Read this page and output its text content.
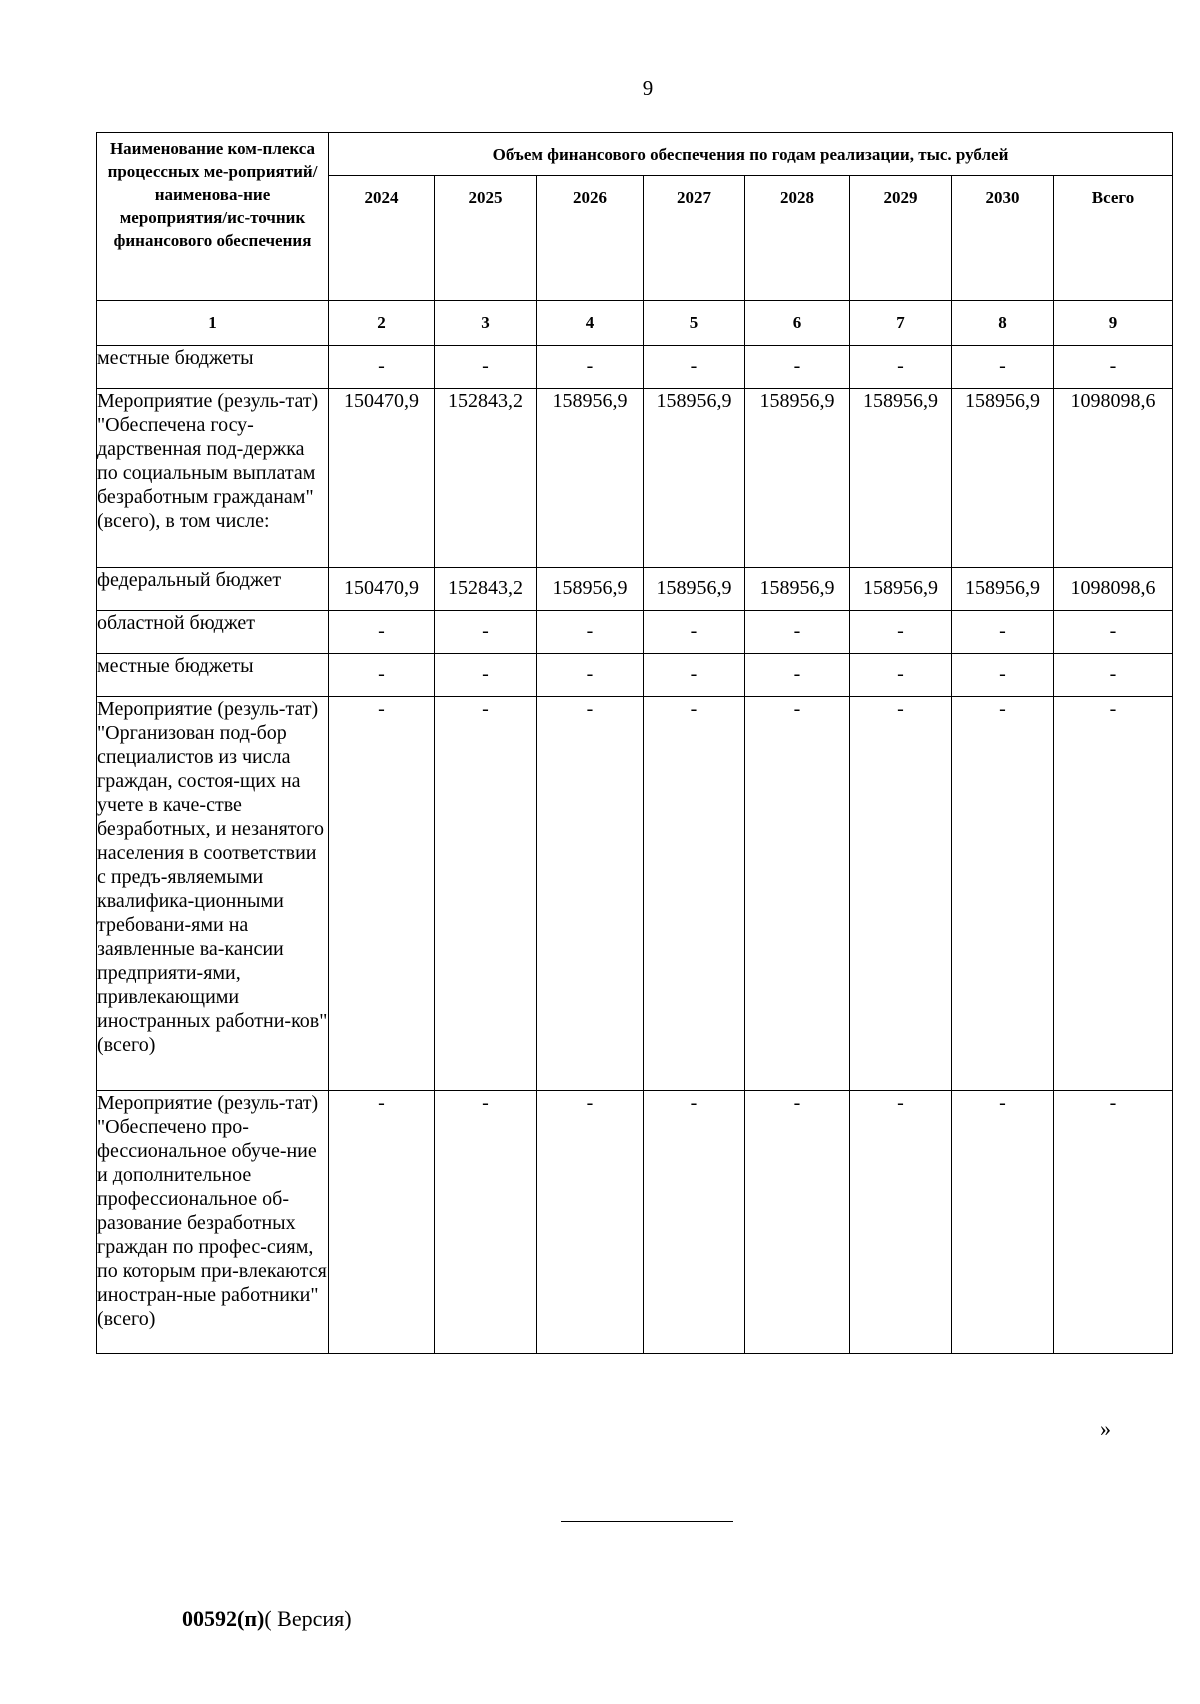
9
Наименование ком-плекса процессных ме-роприятий/наименова-ние мероприятия/ис-точник финансового обеспечения	Объем финансового обеспечения по годам реализации, тыс. рублей							
	2024	2025	2026	2027	2028	2029	2030	Всего
1	2	3	4	5	6	7	8	9
местные бюджеты	-	-	-	-	-	-	-	-
Мероприятие (резуль-тат) "Обеспечена госу-дарственная под-держка по социальным выплатам безработным гражданам" (всего), в том числе:	150470,9	152843,2	158956,9	158956,9	158956,9	158956,9	158956,9	1098098,6
федеральный бюджет	150470,9	152843,2	158956,9	158956,9	158956,9	158956,9	158956,9	1098098,6
областной бюджет	-	-	-	-	-	-	-	-
местные бюджеты	-	-	-	-	-	-	-	-
Мероприятие (резуль-тат) "Организован под-бор специалистов из числа граждан, состоя-щих на учете в каче-стве безработных, и незанятого населения в соответствии с предъ-являемыми квалифика-ционными требовани-ями на заявленные ва-кансии предприяти-ями, привлекающими иностранных работни-ков" (всего)	-	-	-	-	-	-	-	-
Мероприятие (резуль-тат) "Обеспечено про-фессиональное обуче-ние и дополнительное профессиональное об-разование безработных граждан по профес-сиям, по которым при-влекаются иностран-ные работники" (всего)	-	-	-	-	-	-	-	-
»
00592(п)( Версия)
